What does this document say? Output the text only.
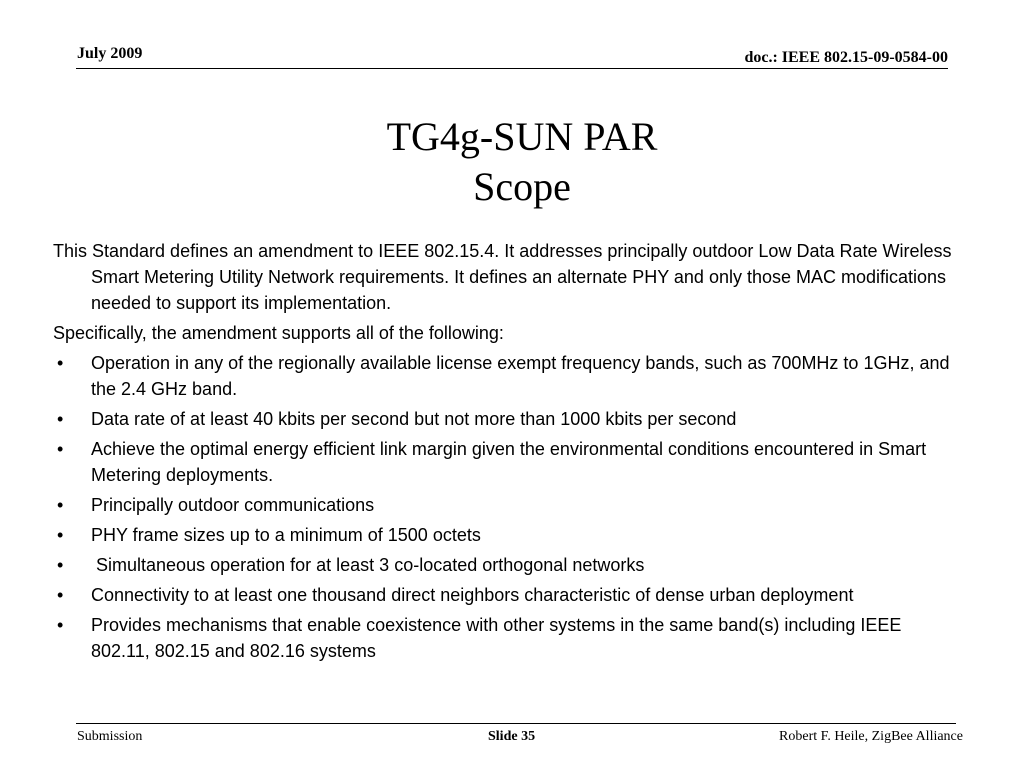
July 2009	doc.: IEEE 802.15-09-0584-00
TG4g-SUN PAR
Scope

This Standard defines an amendment to IEEE 802.15.4. It addresses principally outdoor Low Data Rate Wireless Smart Metering Utility Network requirements. It defines an alternate PHY and only those MAC modifications needed to support its implementation.

Specifically, the amendment supports all of the following:

• Operation in any of the regionally available license exempt frequency bands, such as 700MHz to 1GHz, and the 2.4 GHz band.
• Data rate of at least 40 kbits per second but not more than 1000 kbits per second
• Achieve the optimal energy efficient link margin given the environmental conditions encountered in Smart Metering deployments.
• Principally outdoor communications
• PHY frame sizes up to a minimum of 1500 octets
• Simultaneous operation for at least 3 co-located orthogonal networks
• Connectivity to at least one thousand direct neighbors characteristic of dense urban deployment
• Provides mechanisms that enable coexistence with other systems in the same band(s) including IEEE 802.11, 802.15 and 802.16 systems
Submission	Slide 35	Robert F. Heile, ZigBee Alliance
